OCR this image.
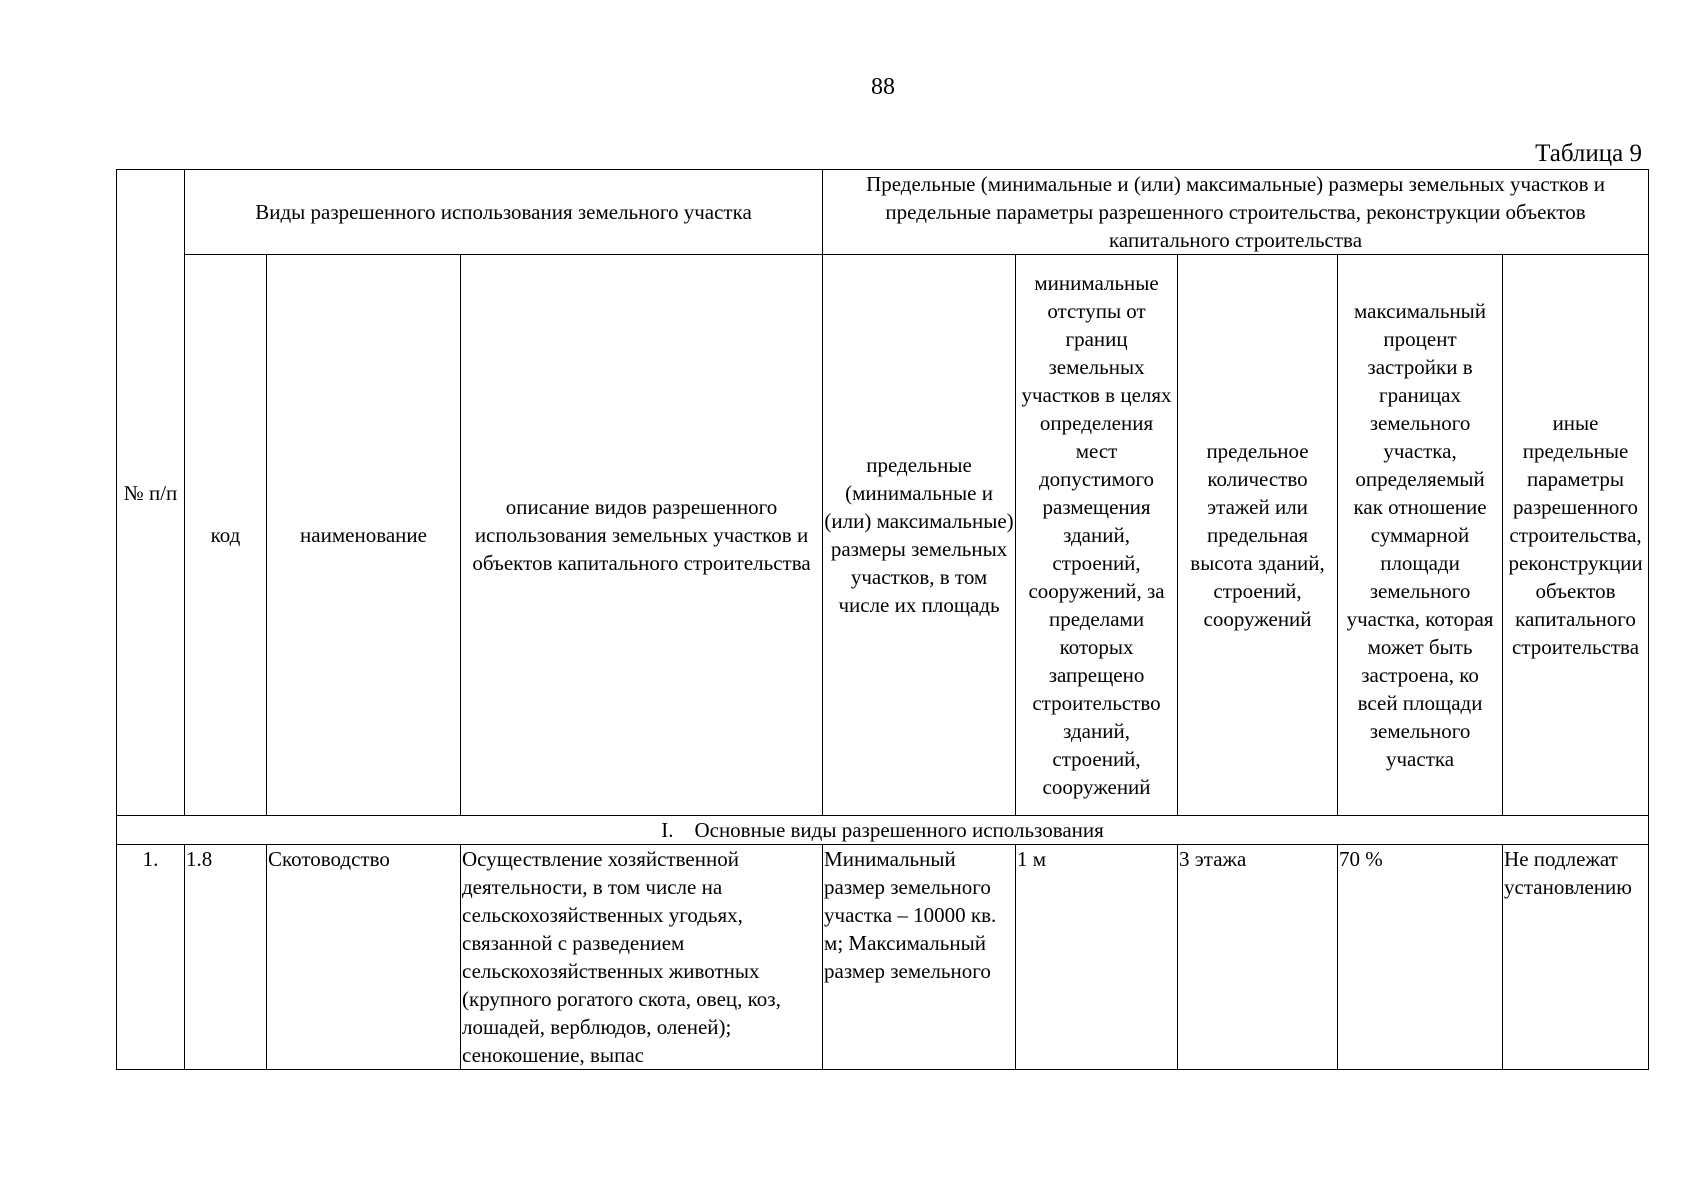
88
Таблица 9
№ п/п	Виды разрешенного использования земельного участка			Предельные (минимальные и (или) максимальные) размеры земельных участков и предельные параметры разрешенного строительства, реконструкции объектов капитального строительства				
	код	наименование	описание видов разрешенного использования земельных участков и объектов капитального строительства	предельные (минимальные и (или) максимальные) размеры земельных участков, в том числе их площадь	минимальные отступы от границ земельных участков в целях определения мест допустимого размещения зданий, строений, сооружений, за пределами которых запрещено строительство зданий, строений, сооружений	предельное количество этажей или предельная высота зданий, строений, сооружений	максимальный процент застройки в границах земельного участка, определяемый как отношение суммарной площади земельного участка, которая может быть застроена, ко всей площади земельного участка	иные предельные параметры разрешенного строительства, реконструкции объектов капитального строительства
I. Основные виды разрешенного использования								
1.	1.8	Скотоводство	Осуществление хозяйственной деятельности, в том числе на сельскохозяйственных угодьях, связанной с разведением сельскохозяйственных животных (крупного рогатого скота, овец, коз, лошадей, верблюдов, оленей); сенокошение, выпас	Минимальный размер земельного участка – 10000 кв. м; Максимальный размер земельного	1 м	3 этажа	70 %	Не подлежат установлению
